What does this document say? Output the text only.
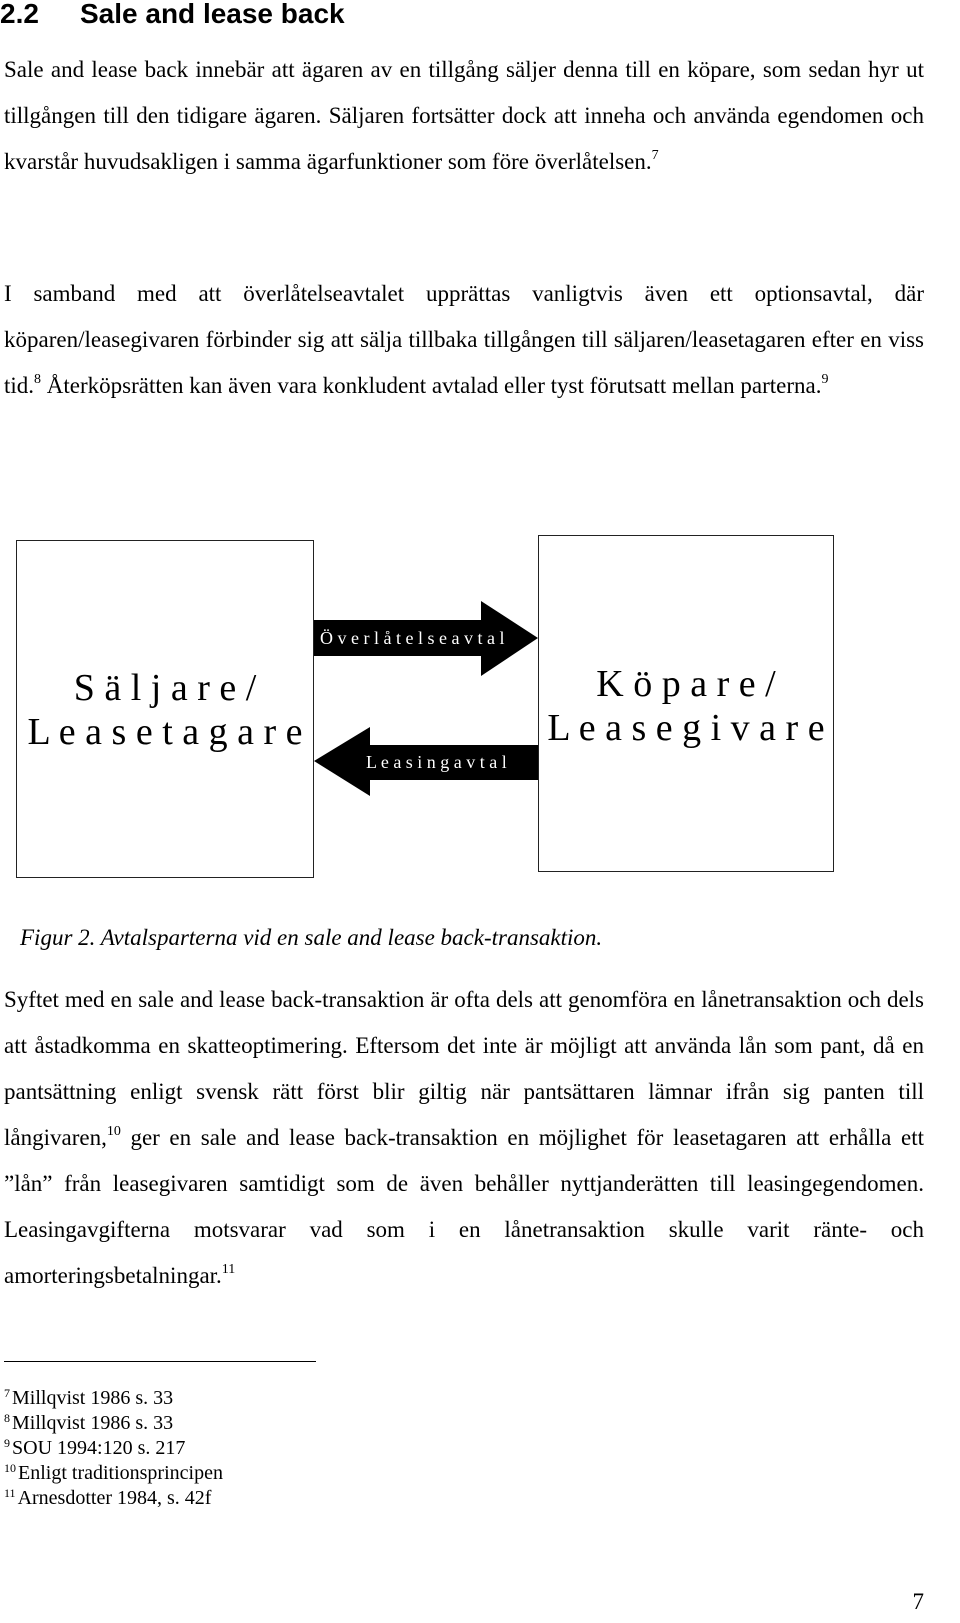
2.2 Sale and lease back

Sale and lease back innebär att ägaren av en tillgång säljer denna till en köpare, som sedan hyr ut tillgången till den tidigare ägaren. Säljaren fortsätter dock att inneha och använda egendomen och kvarstår huvudsakligen i samma ägarfunktioner som före överlåtelsen.$^7$

I samband med att överlåtelseavtalet upprättas vanligtvis även ett optionsavtal, där köparen/leasegivaren förbinder sig att sälja tillbaka tillgången till säljaren/leasetagaren efter en viss tid.$^8$ Återköpsrätten kan även vara konkludent avtalad eller tyst förutsatt mellan parterna.$^9$

Ö v e r l å t e l s e a v t a l
L e a s i n g a v t a l
S ä l j a r e /
L e a s e t a g a r e
K ö p a r e /
L e a s e g i v a r e

Figur 2. Avtalsparterna vid en sale and lease back-transaktion.

Syftet med en sale and lease back-transaktion är ofta dels att genomföra en lånetransaktion och dels att åstadkomma en skatteoptimering. Eftersom det inte är möjligt att använda lån som pant, då en pantsättning enligt svensk rätt först blir giltig när pantsättaren lämnar ifrån sig panten till långivaren,$^{10}$ ger en sale and lease back-transaktion en möjlighet för leasetagaren att erhålla ett ”lån” från leasegivaren samtidigt som de även behåller nyttjanderätten till leasingegendomen. Leasingavgifterna motsvarar vad som i en lånetransaktion skulle varit ränte- och amorteringsbetalningar.$^{11}$

$^7$ Millqvist 1986 s. 33
$^8$ Millqvist 1986 s. 33
$^9$ SOU 1994:120 s. 217
$^{10}$ Enligt traditionsprincipen
$^{11}$ Arnesdotter 1984, s. 42f
7
